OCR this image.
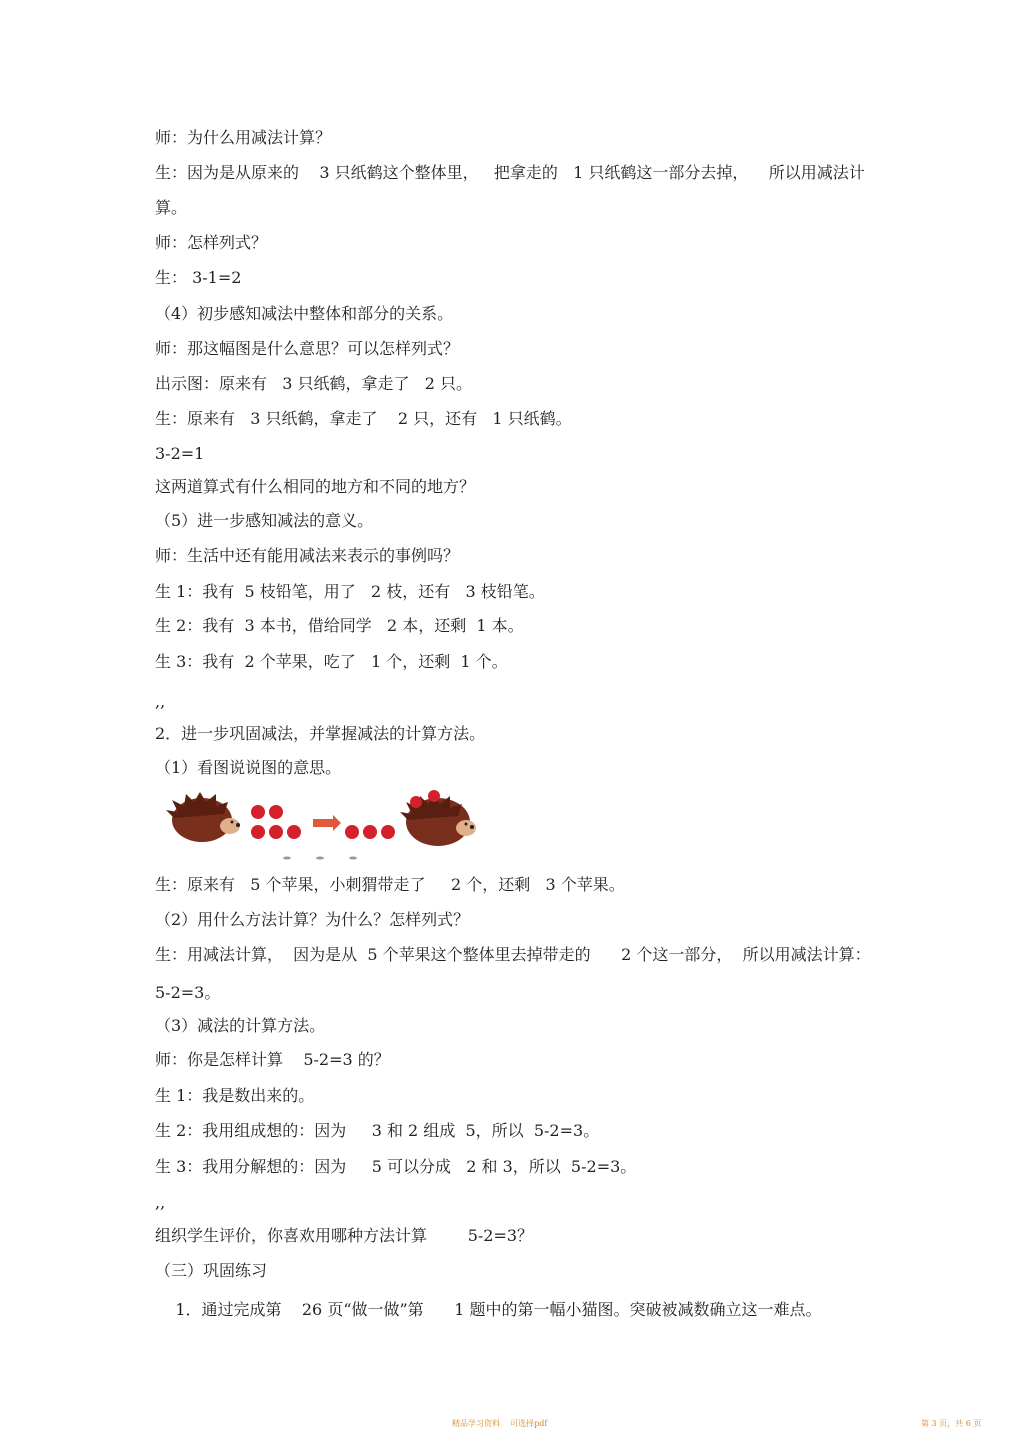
师：为什么用减法计算？
生：因为是从原来的    3 只纸鹤这个整体里，   把拿走的   1 只纸鹤这一部分去掉，    所以用减法计
算。
师：怎样列式？
生： 3-1=2
（4）初步感知减法中整体和部分的关系。
师：那这幅图是什么意思？可以怎样列式？
出示图：原来有   3 只纸鹤，拿走了   2 只。
生：原来有   3 只纸鹤，拿走了    2 只，还有   1 只纸鹤。
3-2=1
这两道算式有什么相同的地方和不同的地方？
（5）进一步感知减法的意义。
师：生活中还有能用减法来表示的事例吗？
生 1：我有  5 枝铅笔，用了   2 枝，还有   3 枝铅笔。
生 2：我有  3 本书，借给同学   2 本，还剩  1 本。
生 3：我有  2 个苹果，吃了   1 个，还剩  1 个。
,,
2．进一步巩固减法，并掌握减法的计算方法。
（1）看图说说图的意思。
生：原来有   5 个苹果，小刺猬带走了     2 个，还剩   3 个苹果。
（2）用什么方法计算？为什么？怎样列式？
生：用减法计算，  因为是从  5 个苹果这个整体里去掉带走的      2 个这一部分，  所以用减法计算：
5-2=3。
（3）减法的计算方法。
师：你是怎样计算    5-2=3 的？
生 1：我是数出来的。
生 2：我用组成想的：因为     3 和 2 组成  5，所以  5-2=3。
生 3：我用分解想的：因为     5 可以分成   2 和 3，所以  5-2=3。
,,
组织学生评价，你喜欢用哪种方法计算        5-2=3？
（三）巩固练习
1．通过完成第    26 页“做一做”第      1 题中的第一幅小猫图。突破被减数确立这一难点。
精品学习资料    可选择pdf	第 3 页，共 6 页
